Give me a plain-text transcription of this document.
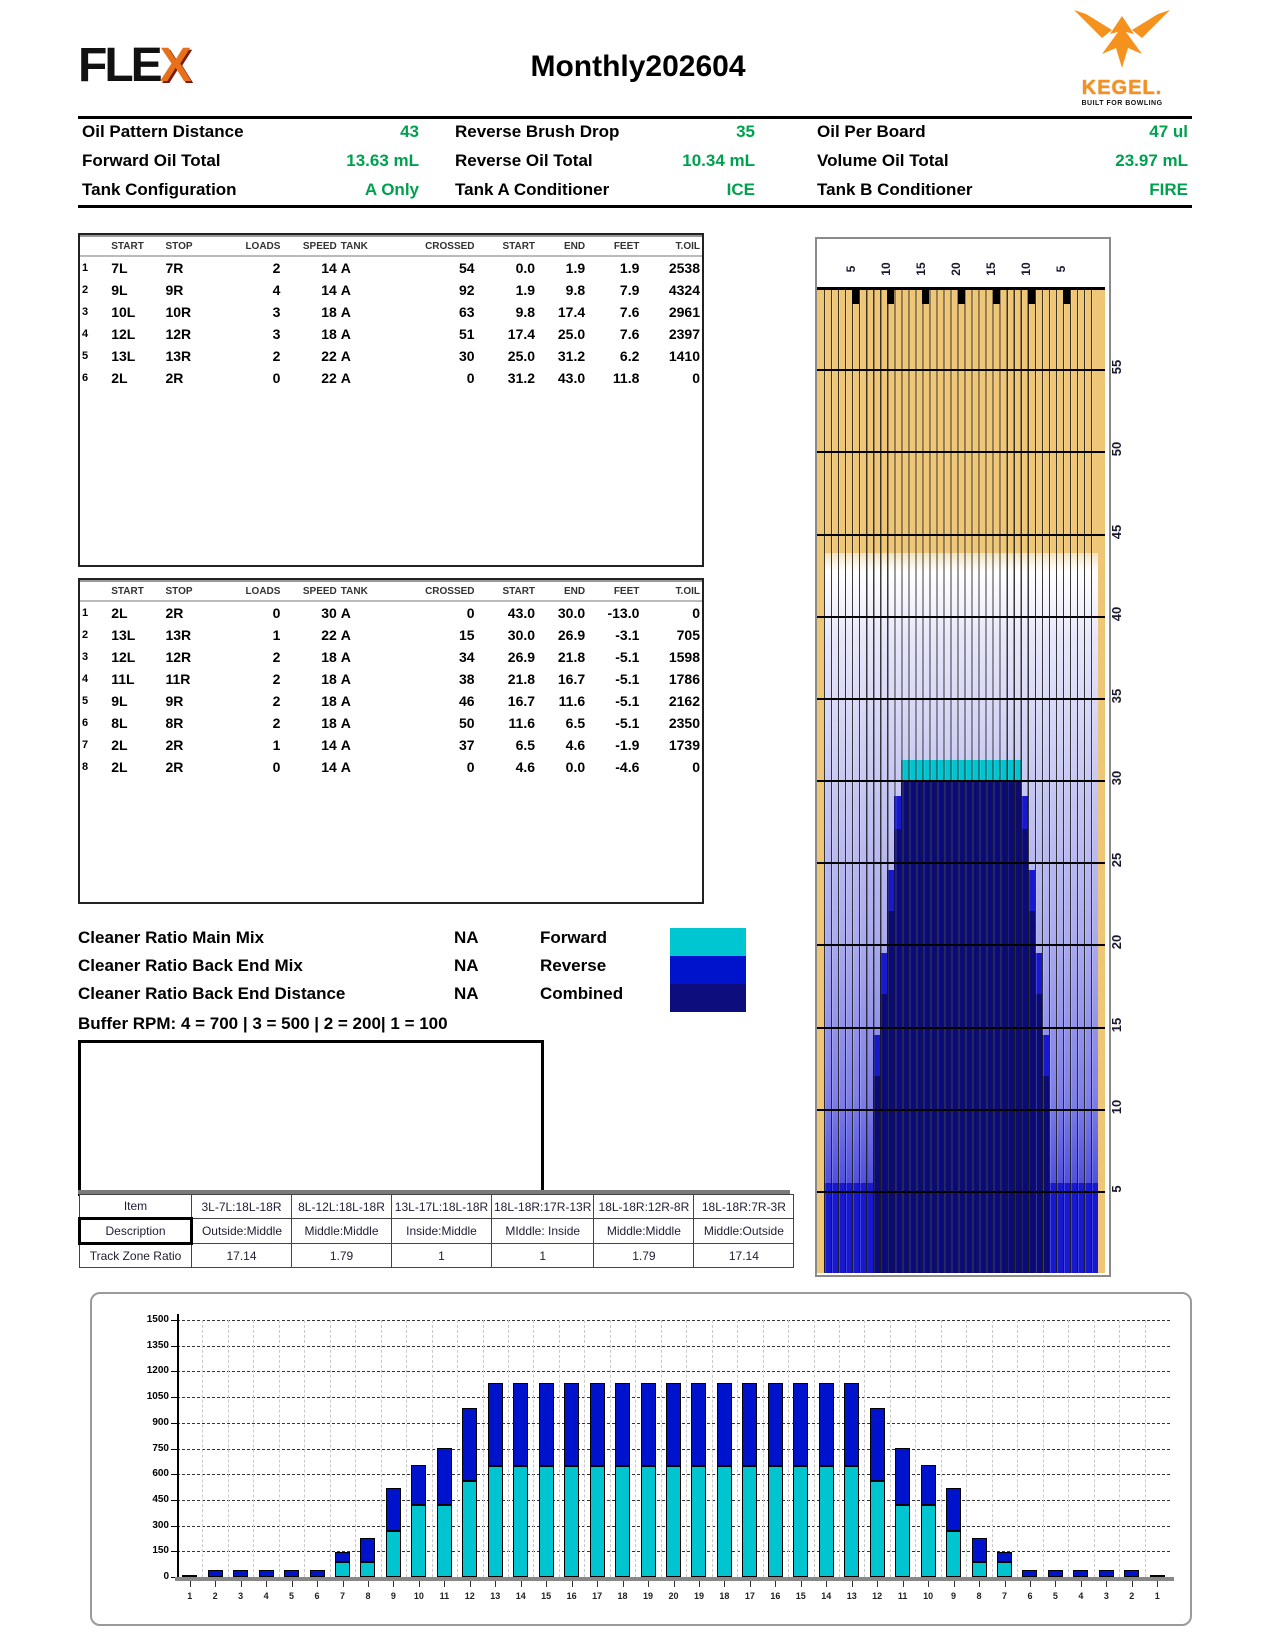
FLEX	Monthly202604
KEGEL.
BUILT FOR BOWLING
Oil Pattern Distance	43 Reverse Brush Drop	35	Oil Per Board	47 ul
Forward Oil Total	13.63 mL Reverse Oil Total	10.34 mL	Volume Oil Total	23.97 mL
Tank Configuration	A Only Tank A Conditioner	ICE	Tank B Conditioner	FIRE
	START	STOP	LOADS	SPEED	TANK	CROSSED	START	END	FEET	T.OIL
1	7L	7R	2	14	A	54	0.0	1.9	1.9	2538
2	9L	9R	4	14	A	92	1.9	9.8	7.9	4324
3	10L	10R	3	18	A	63	9.8	17.4	7.6	2961
4	12L	12R	3	18	A	51	17.4	25.0	7.6	2397
5	13L	13R	2	22	A	30	25.0	31.2	6.2	1410
6	2L	2R	0	22	A	0	31.2	43.0	11.8	0
	START	STOP	LOADS	SPEED	TANK	CROSSED	START	END	FEET	T.OIL
1	2L	2R	0	30	A	0	43.0	30.0	-13.0	0
2	13L	13R	1	22	A	15	30.0	26.9	-3.1	705
3	12L	12R	2	18	A	34	26.9	21.8	-5.1	1598
4	11L	11R	2	18	A	38	21.8	16.7	-5.1	1786
5	9L	9R	2	18	A	46	16.7	11.6	-5.1	2162
6	8L	8R	2	18	A	50	11.6	6.5	-5.1	2350
7	2L	2R	1	14	A	37	6.5	4.6	-1.9	1739
8	2L	2R	0	14	A	0	4.6	0.0	-4.6	0
Cleaner Ratio Main Mix	NA	Forward
Cleaner Ratio Back End Mix	NA	Reverse
Cleaner Ratio Back End Distance	NA	Combined
Buffer RPM: 4 = 700 | 3 = 500 | 2 = 200| 1 = 100
Item	3L-7L:18L-18R	8L-12L:18L-18R	13L-17L:18L-18R	18L-18R:17R-13R	18L-18R:12R-8R	18L-18R:7R-3R
Description	Outside:Middle	Middle:Middle	Inside:Middle	MIddle: Inside	Middle:Middle	Middle:Outside
Track Zone Ratio	17.14	1.79	1	1	1.79	17.14
5	10	15	20	15	10	5
55
50
45
40
35
30
25
20
15
10
5
0
150
300
450
600
750
900
1050
1200
1350
1500
1	2	3	4	5	6	7	8	9	10	11	12	13	14	15	16	17	18	19	20	19	18	17	16	15	14	13	12	11	10	9	8	7	6	5	4	3	2	1
